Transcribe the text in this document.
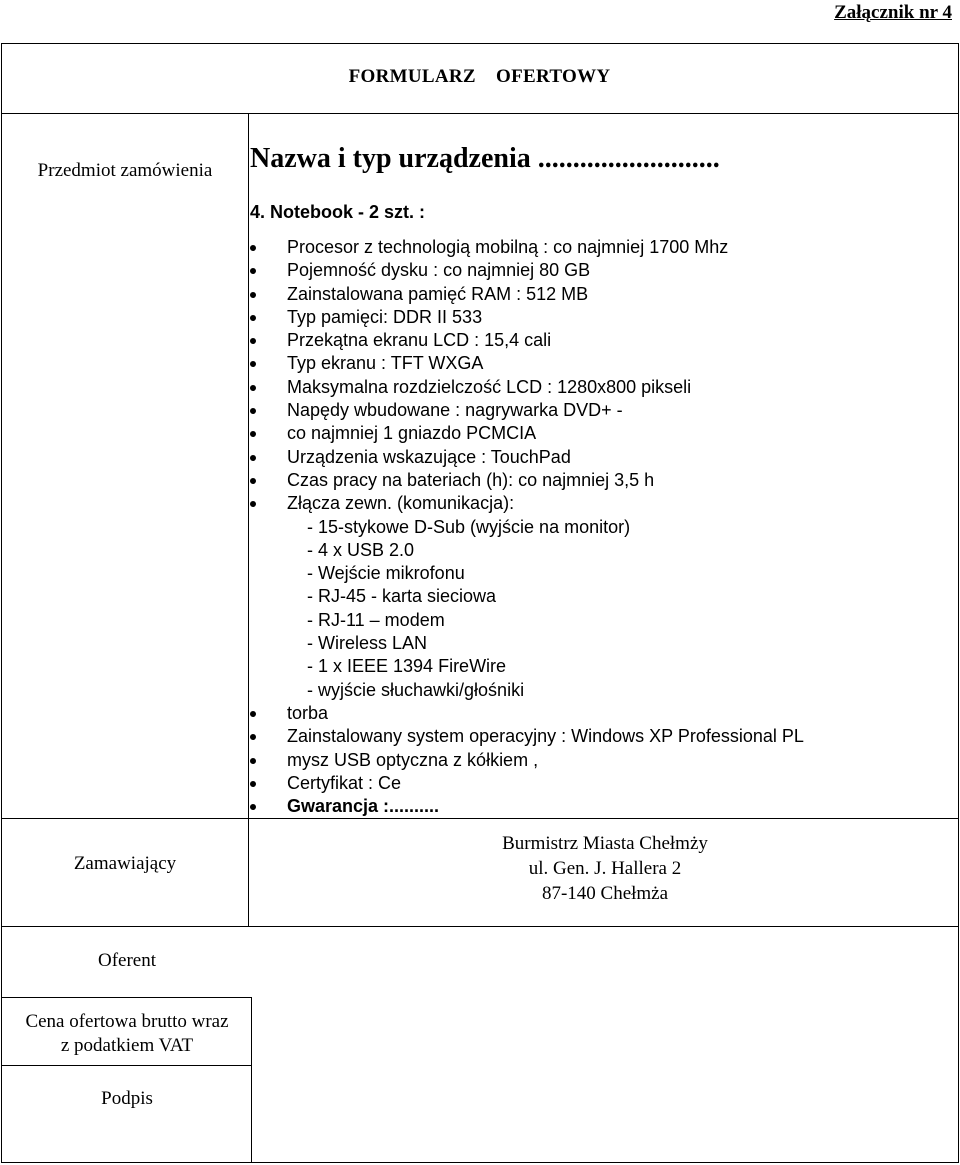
Załącznik nr 4
FORMULARZ OFERTOWY
Przedmiot zamówienia	Nazwa i typ urządzenia ..........................
4. Notebook - 2 szt. :
Procesor z technologią mobilną : co najmniej 1700 Mhz
Pojemność dysku : co najmniej 80 GB
Zainstalowana pamięć RAM : 512 MB
Typ pamięci: DDR II 533
Przekątna ekranu LCD : 15,4 cali
Typ ekranu : TFT WXGA
Maksymalna rozdzielczość LCD : 1280x800 pikseli
Napędy wbudowane : nagrywarka DVD+ -
co najmniej 1 gniazdo PCMCIA
Urządzenia wskazujące : TouchPad
Czas pracy na bateriach (h): co najmniej 3,5 h
Złącza zewn. (komunikacja):
- 15-stykowe D-Sub (wyjście na monitor)
- 4 x USB 2.0
- Wejście mikrofonu
- RJ-45 - karta sieciowa
- RJ-11 – modem
- Wireless LAN
- 1 x IEEE 1394 FireWire
- wyjście słuchawki/głośniki
torba
Zainstalowany system operacyjny : Windows XP Professional PL
mysz USB optyczna z kółkiem ,
Certyfikat : Ce
Gwarancja :..........
Zamawiający
Burmistrz Miasta Chełmży
ul. Gen. J. Hallera 2
87-140 Chełmża
Oferent
Cena ofertowa brutto wraz
z podatkiem VAT
Podpis
